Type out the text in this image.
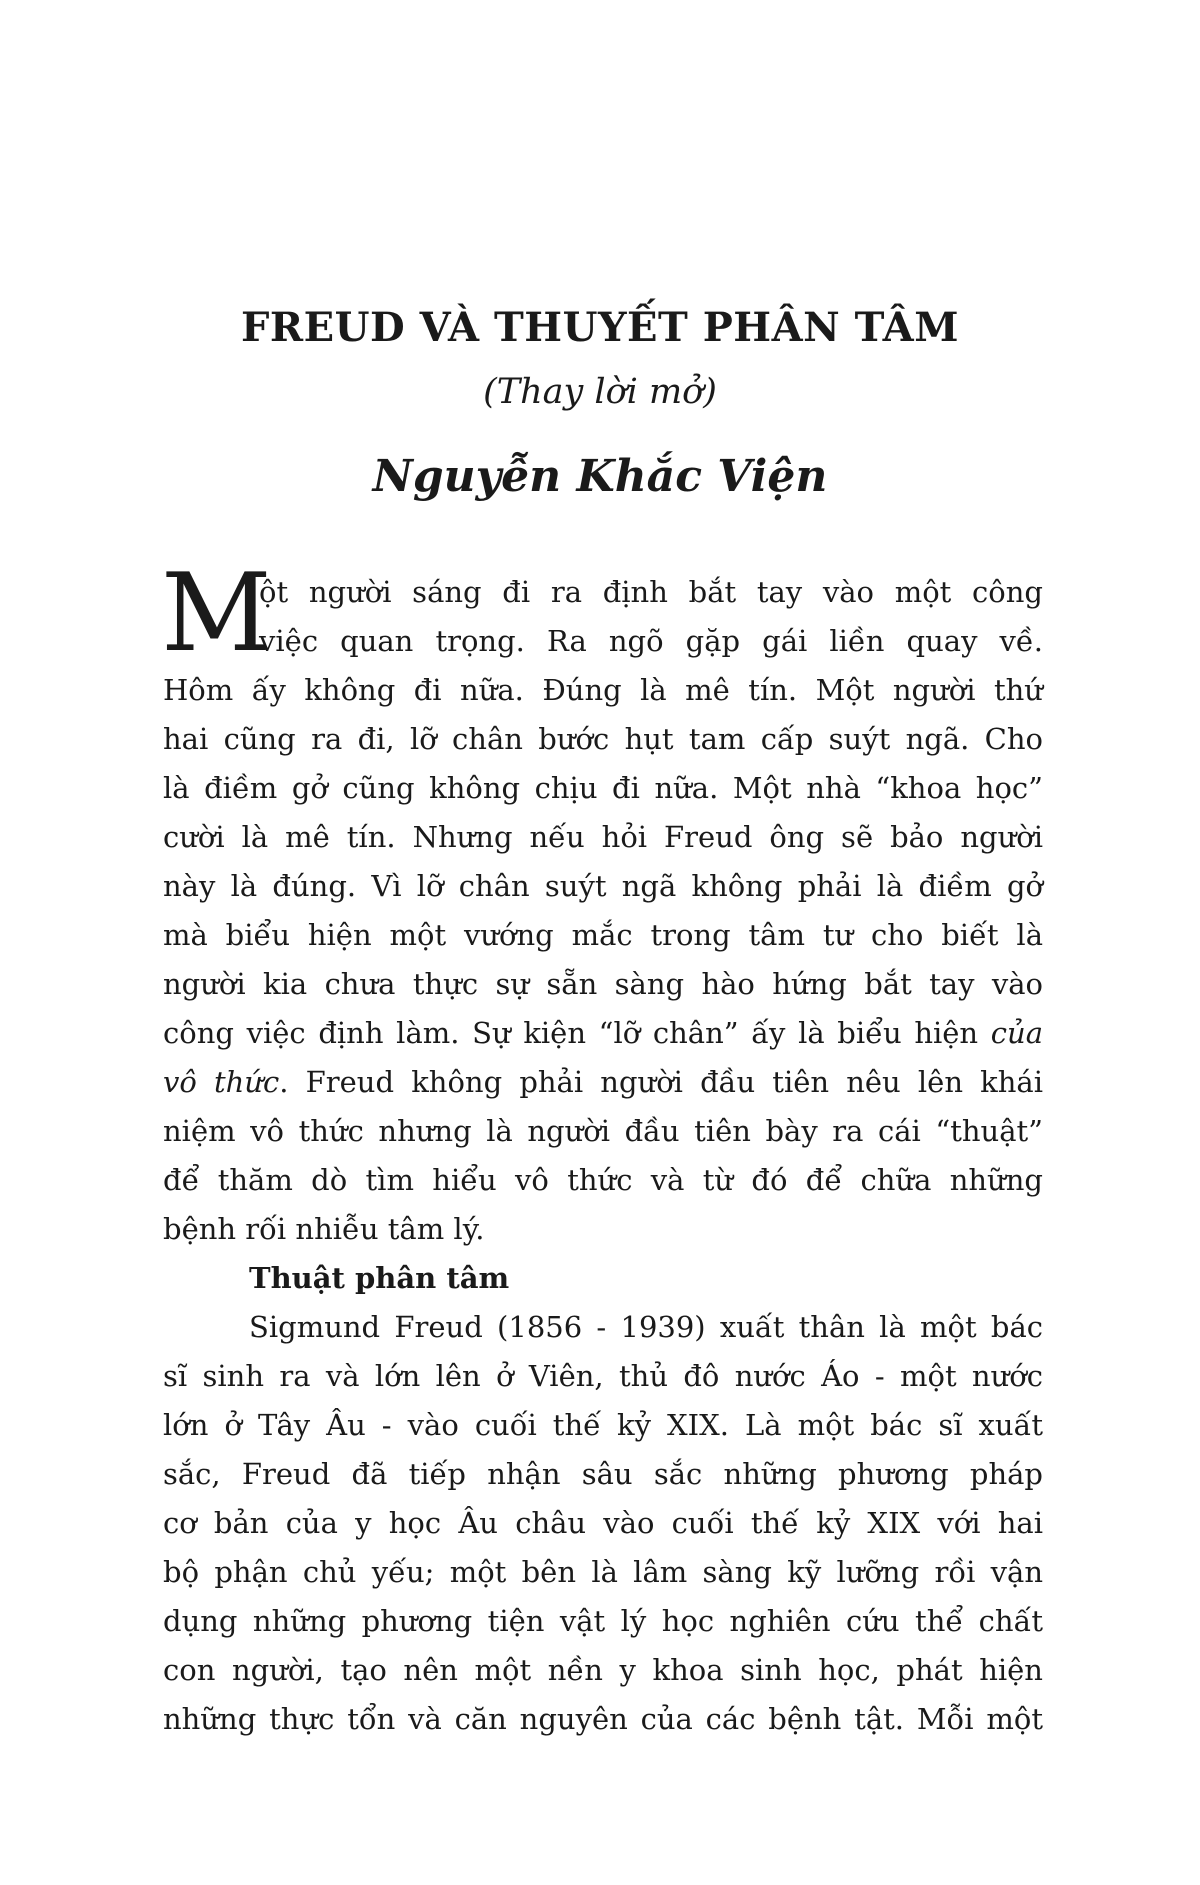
FREUD VÀ THUYẾT PHÂN TÂM
(Thay lời mở)
Nguyễn Khắc Viện
M
ột người sáng đi ra định bắt tay vào một công
việc quan trọng. Ra ngõ gặp gái liền quay về.
Hôm ấy không đi nữa. Đúng là mê tín. Một người thứ
hai cũng ra đi, lỡ chân bước hụt tam cấp suýt ngã. Cho
là điềm gở cũng không chịu đi nữa. Một nhà “khoa học”
cười là mê tín. Nhưng nếu hỏi Freud ông sẽ bảo người
này là đúng. Vì lỡ chân suýt ngã không phải là điềm gở
mà biểu hiện một vướng mắc trong tâm tư cho biết là
người kia chưa thực sự sẵn sàng hào hứng bắt tay vào
công việc định làm. Sự kiện “lỡ chân” ấy là biểu hiện của
vô thức. Freud không phải người đầu tiên nêu lên khái
niệm vô thức nhưng là người đầu tiên bày ra cái “thuật”
để thăm dò tìm hiểu vô thức và từ đó để chữa những
bệnh rối nhiễu tâm lý.
Thuật phân tâm
Sigmund Freud (1856 - 1939) xuất thân là một bác
sĩ sinh ra và lớn lên ở Viên, thủ đô nước Áo - một nước
lớn ở Tây Âu - vào cuối thế kỷ XIX. Là một bác sĩ xuất
sắc, Freud đã tiếp nhận sâu sắc những phương pháp
cơ bản của y học Âu châu vào cuối thế kỷ XIX với hai
bộ phận chủ yếu; một bên là lâm sàng kỹ lưỡng rồi vận
dụng những phương tiện vật lý học nghiên cứu thể chất
con người, tạo nên một nền y khoa sinh học, phát hiện
những thực tổn và căn nguyên của các bệnh tật. Mỗi một
